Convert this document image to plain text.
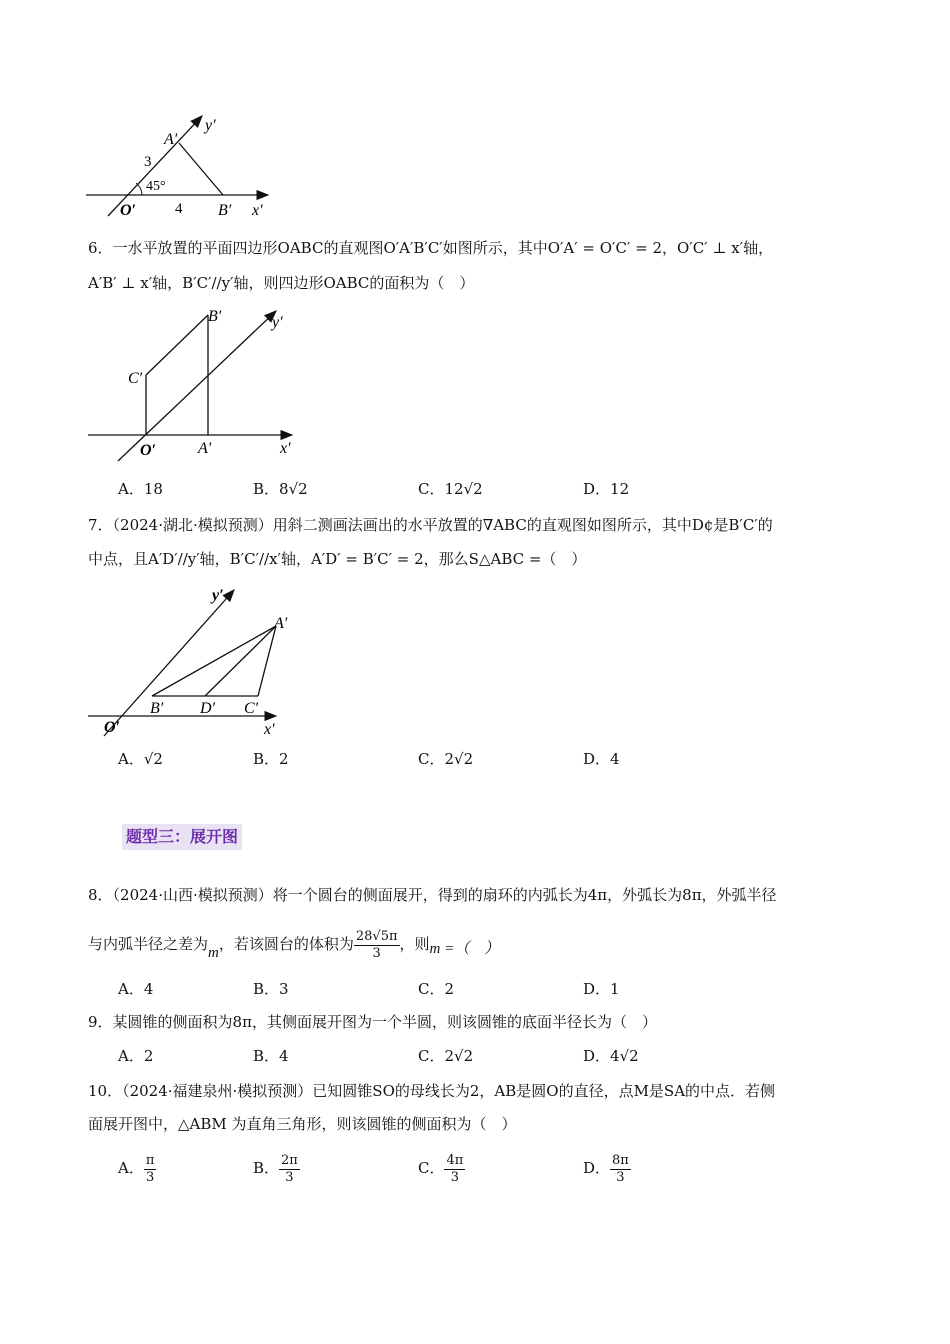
y′
A′
3
45°
O′	4 B′ x′
6．一水平放置的平面四边形OABC的直观图O′A′B′C′如图所示，其中O′A′ = O′C′ = 2，O′C′ ⊥ x′轴，
A′B′ ⊥ x′轴，B′C′//y′轴，则四边形OABC的面积为（　）
B′	y′
C′
O′	A′	x′
A．18	B．8√2	C．12√2	D．12
7．（2024·湖北·模拟预测）用斜二测画法画出的水平放置的∇ABC的直观图如图所示，其中D¢是B′C′的
中点，且A′D′//y′轴，B′C′//x′轴，A′D′ = B′C′ = 2，那么S△ABC =（　）
y′
A′
B′ D′ C′
O′	x′
A．√2	B．2	C．2√2	D．4
题型三：展开图
8．（2024·山西·模拟预测）将一个圆台的侧面展开，得到的扇环的内弧长为4π，外弧长为8π，外弧半径
与内弧半径之差为m，若该圆台的体积为 $\frac{28√5\pi}{3}$ ，则m =（　）
A．4	B．3	C．2	D．1
9．某圆锥的侧面积为8π，其侧面展开图为一个半圆，则该圆锥的底面半径长为（　）
A．2	B．4	C．2√2	D．4√2
10．（2024·福建泉州·模拟预测）已知圆锥SO的母线长为2，AB是圆O的直径，点M是SA的中点．若侧
面展开图中，△ABM 为直角三角形，则该圆锥的侧面积为（　）
A． $\frac{\pi}{3}$	B． $\frac{2\pi}{3}$	C． $\frac{4\pi}{3}$	D． $\frac{8\pi}{3}$
